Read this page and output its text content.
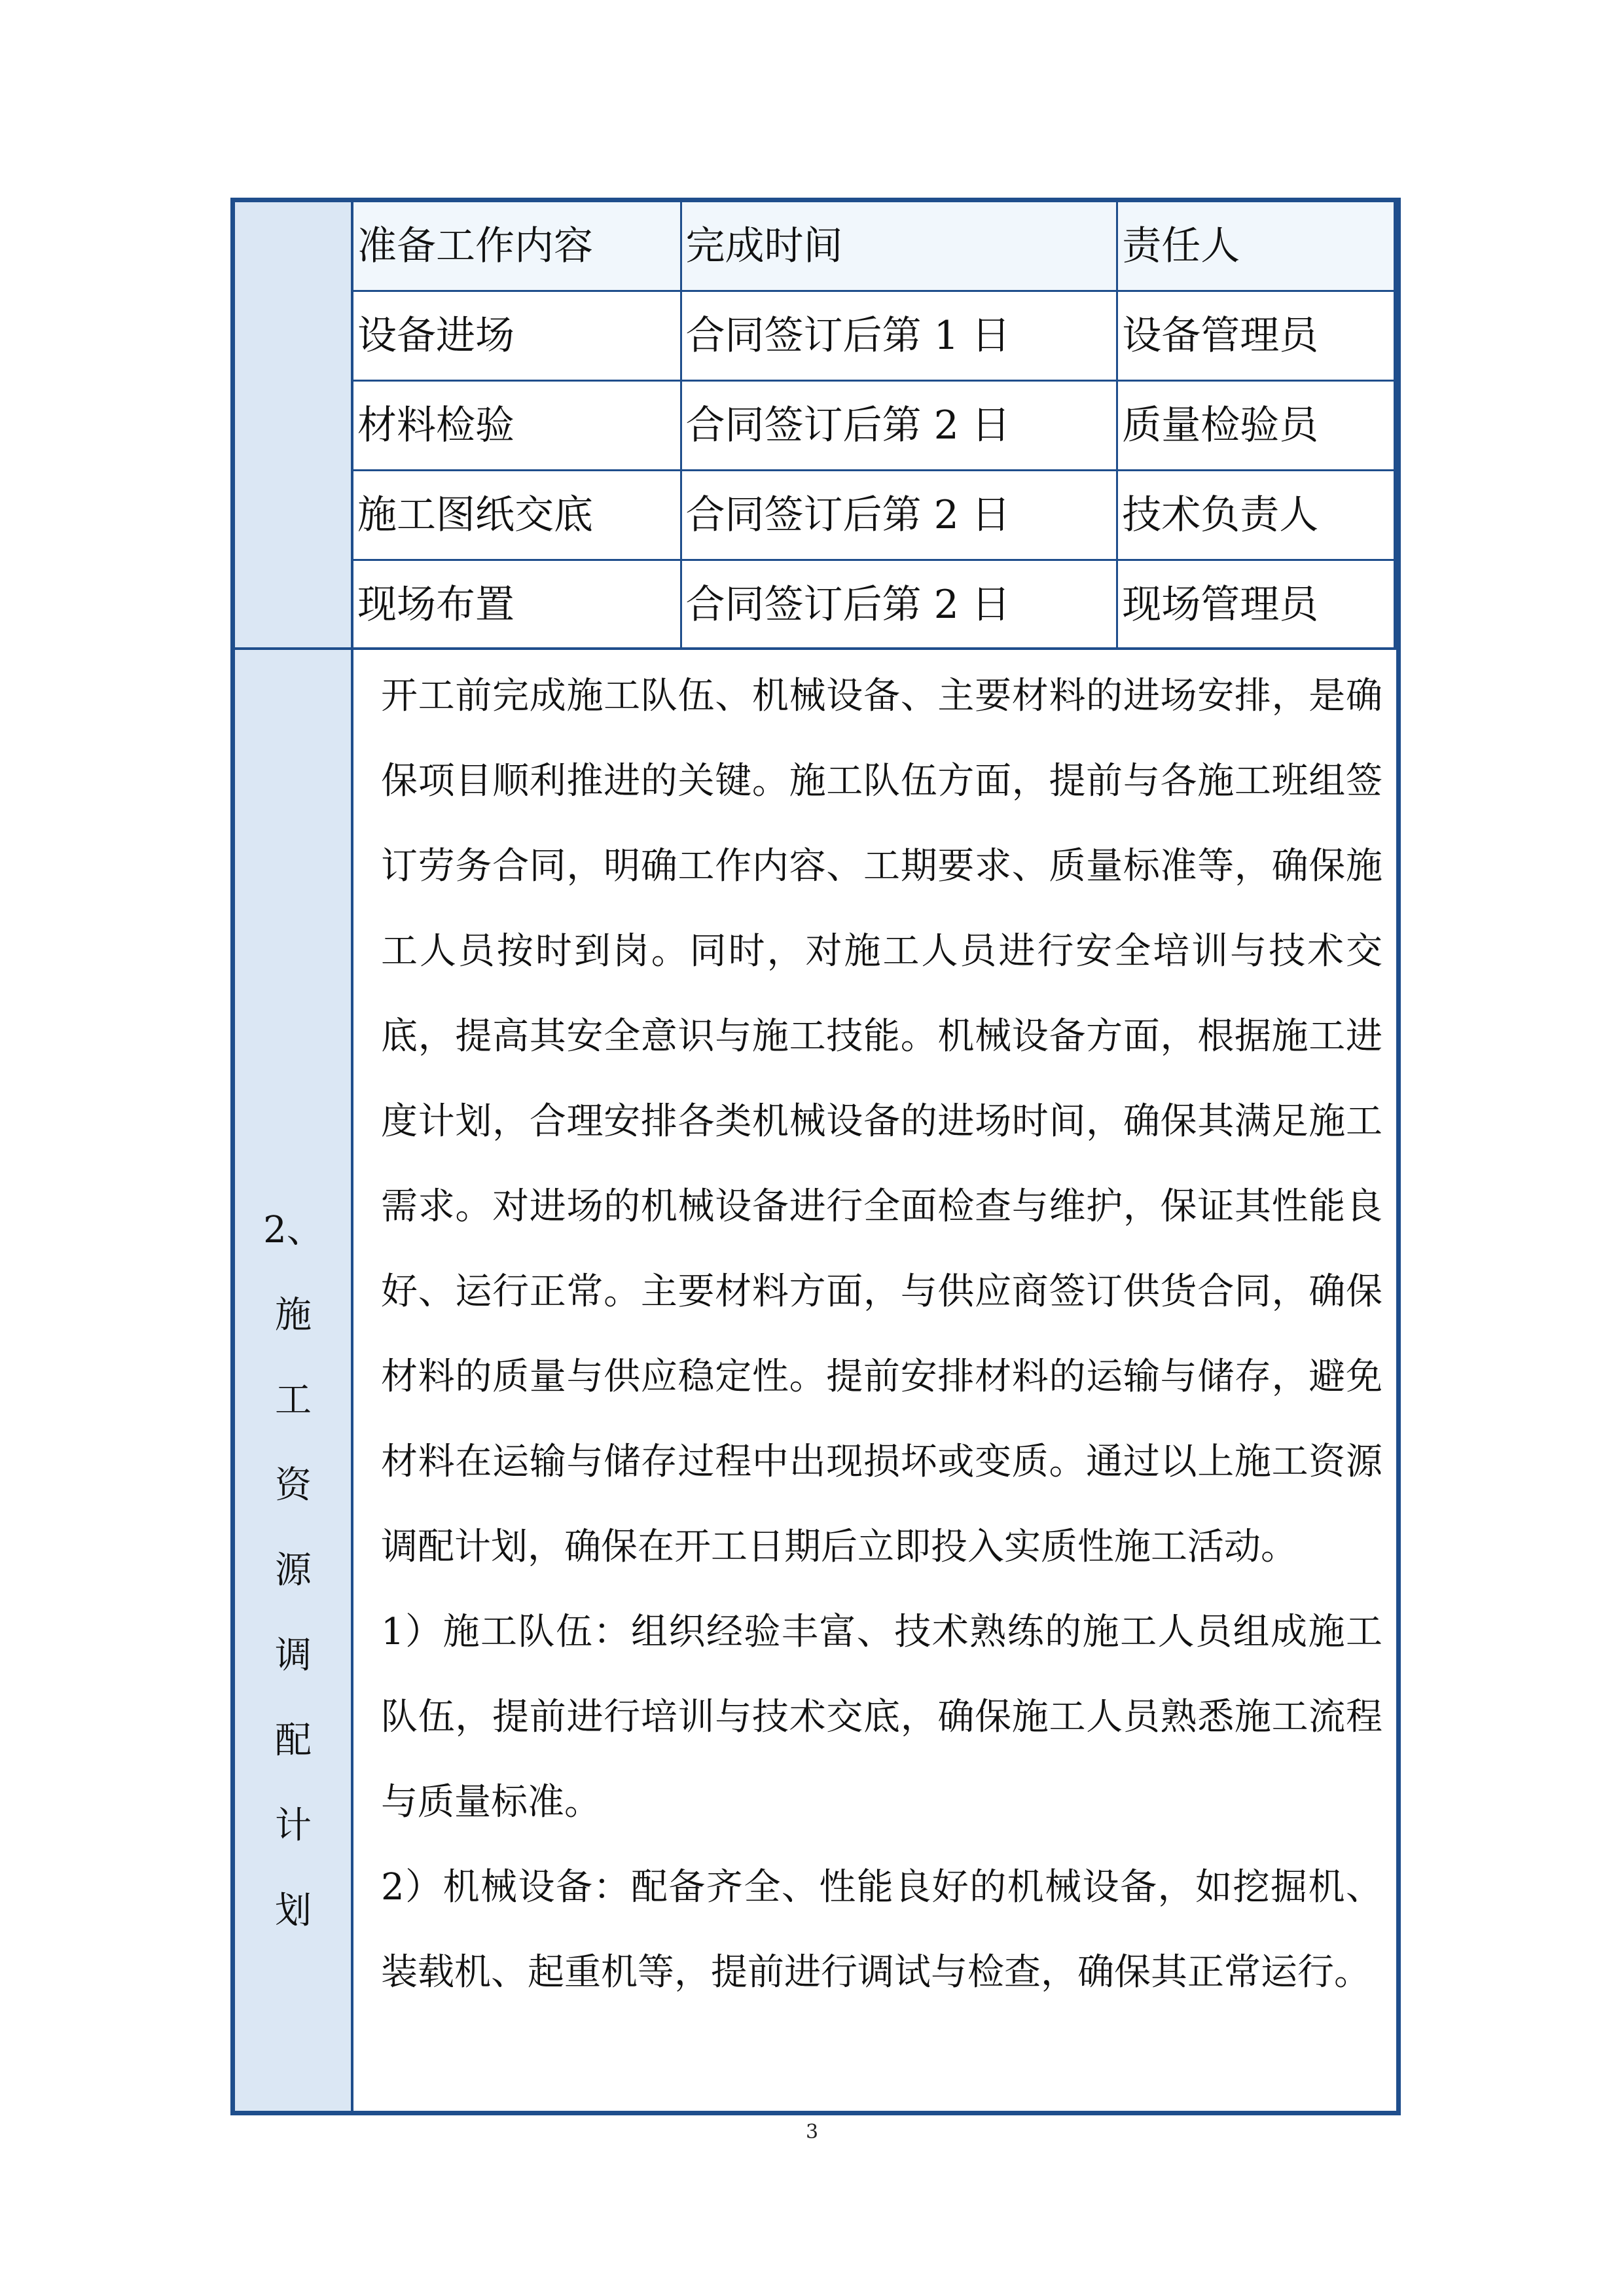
准备工作内容	完成时间	责任人
设备进场	合同签订后第 1 日	设备管理员
材料检验	合同签订后第 2 日	质量检验员
施工图纸交底	合同签订后第 2 日	技术负责人
现场布置	合同签订后第 2 日	现场管理员
2、
施
工
资
源
调
配
计
划

开工前完成施工队伍、机械设备、主要材料的进场安排，是确保项目顺利推进的关键。施工队伍方面，提前与各施工班组签订劳务合同，明确工作内容、工期要求、质量标准等，确保施工人员按时到岗。同时，对施工人员进行安全培训与技术交底，提高其安全意识与施工技能。机械设备方面，根据施工进度计划，合理安排各类机械设备的进场时间，确保其满足施工需求。对进场的机械设备进行全面检查与维护，保证其性能良好、运行正常。主要材料方面，与供应商签订供货合同，确保材料的质量与供应稳定性。提前安排材料的运输与储存，避免材料在运输与储存过程中出现损坏或变质。通过以上施工资源调配计划，确保在开工日期后立即投入实质性施工活动。

1）施工队伍：组织经验丰富、技术熟练的施工人员组成施工队伍，提前进行培训与技术交底，确保施工人员熟悉施工流程与质量标准。

2）机械设备：配备齐全、性能良好的机械设备，如挖掘机、装载机、起重机等，提前进行调试与检查，确保其正常运行。

3
